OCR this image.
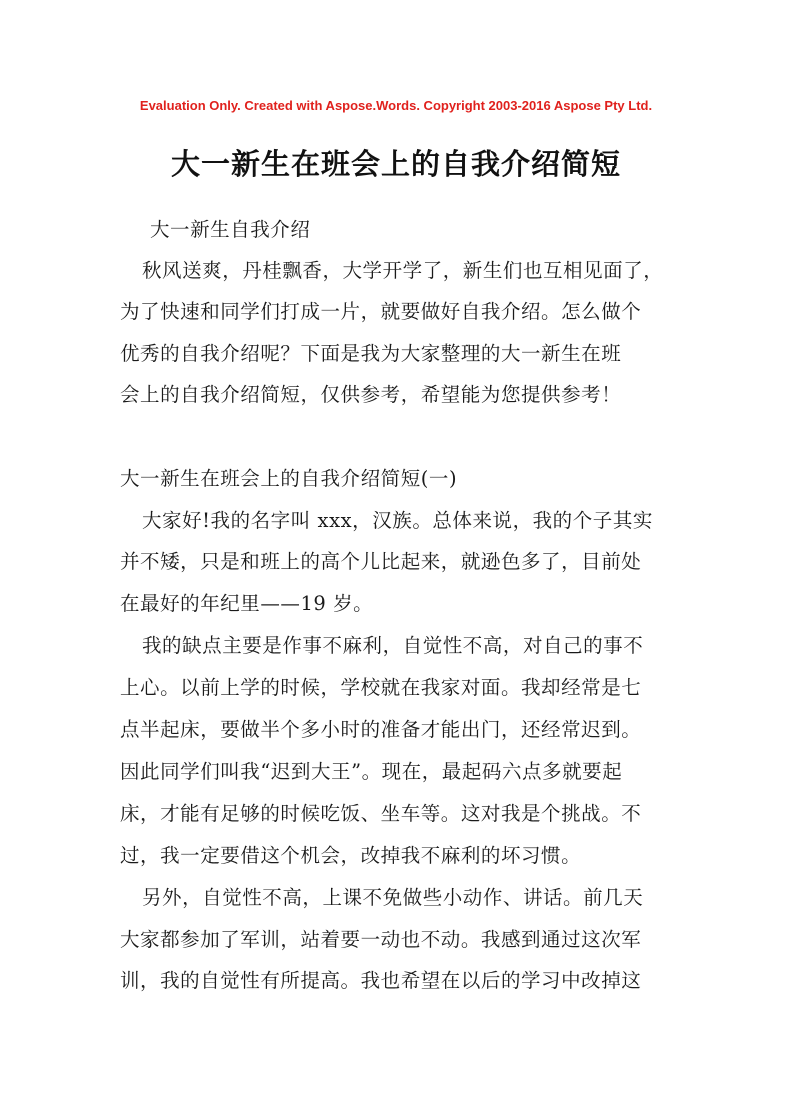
Evaluation Only. Created with Aspose.Words. Copyright 2003-2016 Aspose Pty Ltd.
大一新生在班会上的自我介绍简短
大一新生自我介绍
秋风送爽，丹桂飘香，大学开学了，新生们也互相见面了，
为了快速和同学们打成一片，就要做好自我介绍。怎么做个
优秀的自我介绍呢？下面是我为大家整理的大一新生在班
会上的自我介绍简短，仅供参考，希望能为您提供参考！
大一新生在班会上的自我介绍简短(一)
大家好!我的名字叫 xxx，汉族。总体来说，我的个子其实
并不矮，只是和班上的高个儿比起来，就逊色多了，目前处
在最好的年纪里——19 岁。
我的缺点主要是作事不麻利，自觉性不高，对自己的事不
上心。以前上学的时候，学校就在我家对面。我却经常是七
点半起床，要做半个多小时的准备才能出门，还经常迟到。
因此同学们叫我“迟到大王”。现在，最起码六点多就要起
床，才能有足够的时候吃饭、坐车等。这对我是个挑战。不
过，我一定要借这个机会，改掉我不麻利的坏习惯。
另外，自觉性不高，上课不免做些小动作、讲话。前几天
大家都参加了军训，站着要一动也不动。我感到通过这次军
训，我的自觉性有所提高。我也希望在以后的学习中改掉这
